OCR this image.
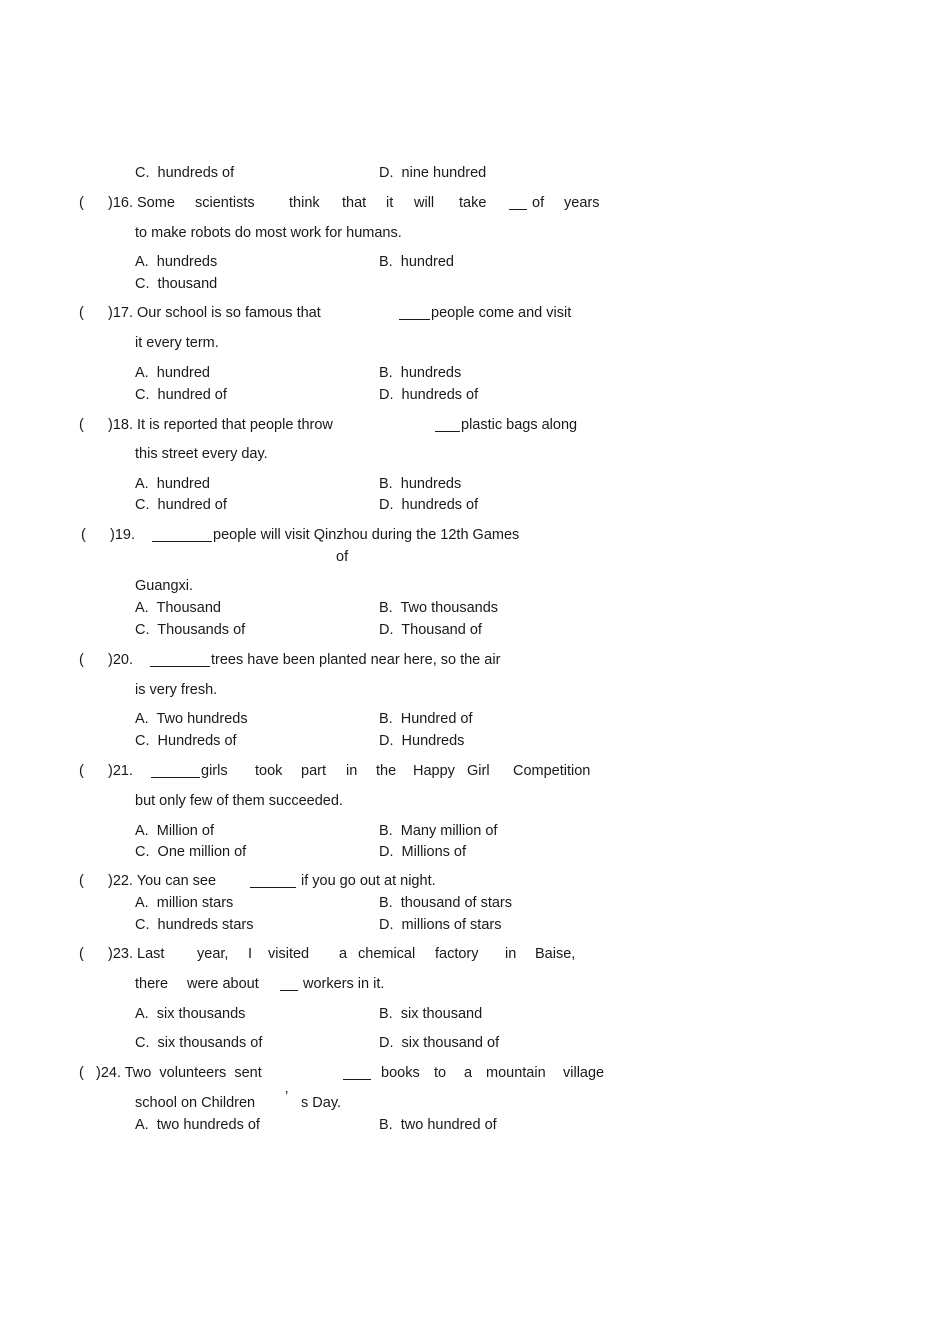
C.  hundreds of	D.  nine hundred
( )16. Some scientists think that it will take	of years
to make robots do most work for humans.
A.  hundreds	B.  hundred
C.  thousand
( )17. Our school is so famous that	people come and visit
it every term.
A.  hundred	B.  hundreds
C.  hundred of	D.  hundreds of
( )18. It is reported that people throw	plastic bags along
this street every day.
A.  hundred	B.  hundreds
C.  hundred of	D.  hundreds of
( )19.	people will visit Qinzhou during the 12th Games
of
Guangxi.
A.  Thousand	B.  Two thousands
C.  Thousands of	D.  Thousand of
( )20.	trees have been planted near here, so the air
is very fresh.
A.  Two hundreds	B.  Hundred of
C.  Hundreds of	D.  Hundreds
( )21.	girls took part in the Happy Girl Competition
but only few of them succeeded.
A.  Million of	B.  Many million of
C.  One million of	D.  Millions of
( )22. You can see	if you go out at night.
A.  million stars	B.  thousand of stars
C.  hundreds stars	D.  millions of stars
( )23. Last year, I visited a chemical factory in Baise,
there were about	workers in it.
A.  six thousands	B.  six thousand
C.  six thousands of	D.  six thousand of
( )24. Two  volunteers  sent	books to a mountain village
school on Children ’ s Day.
A.  two hundreds of	B.  two hundred of
